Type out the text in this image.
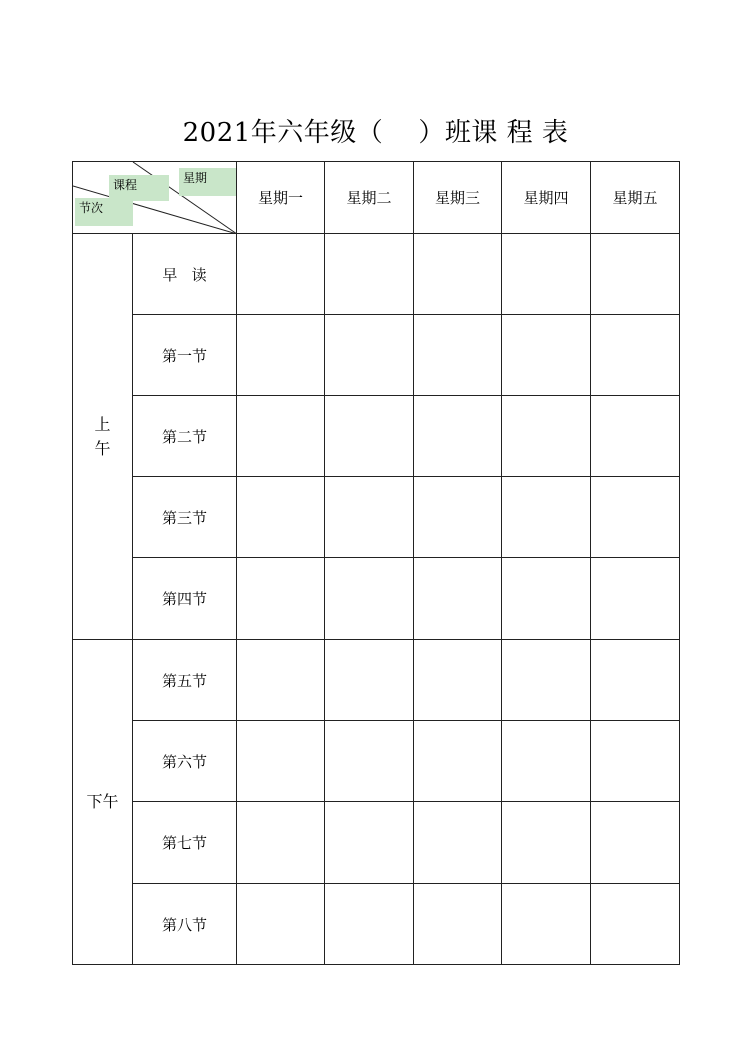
2021年六年级（    ）班课 程 表
课程 星期
节次		星期一	星期二	星期三	星期四	星期五

上午	早   读					
	第一节					
	第二节					
	第三节					
	第四节					

下午	第五节					
	第六节					
	第七节					
	第八节					
